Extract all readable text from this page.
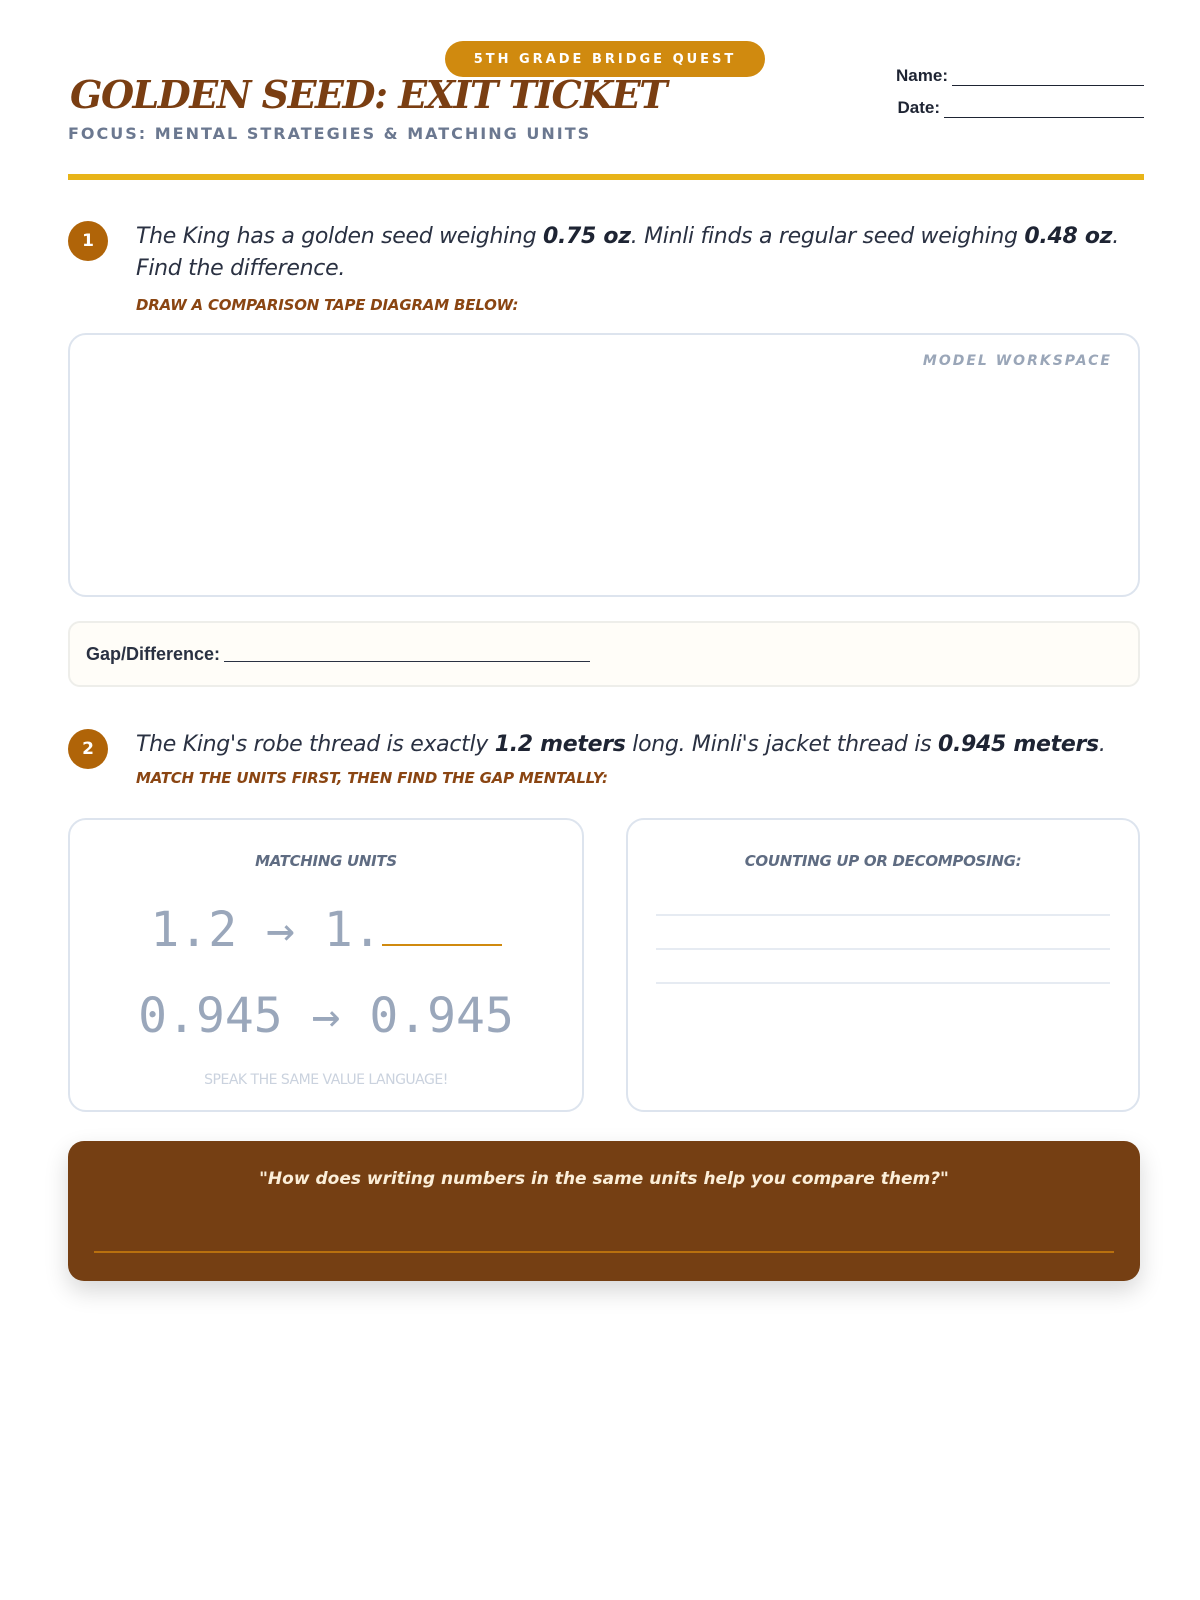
5TH GRADE BRIDGE QUEST
GOLDEN SEED: EXIT TICKET
FOCUS: MENTAL STRATEGIES & MATCHING UNITS
Name:
Date:
1	The King has a golden seed weighing 0.75 oz. Minli finds a regular seed weighing 0.48 oz. Find the difference.
DRAW A COMPARISON TAPE DIAGRAM BELOW:
MODEL WORKSPACE
Gap/Difference:
2	The King's robe thread is exactly 1.2 meters long. Minli's jacket thread is 0.945 meters.
MATCH THE UNITS FIRST, THEN FIND THE GAP MENTALLY:
MATCHING UNITS
1.2 → 1.
0.945 → 0.945
SPEAK THE SAME VALUE LANGUAGE!
COUNTING UP OR DECOMPOSING:
"How does writing numbers in the same units help you compare them?"
